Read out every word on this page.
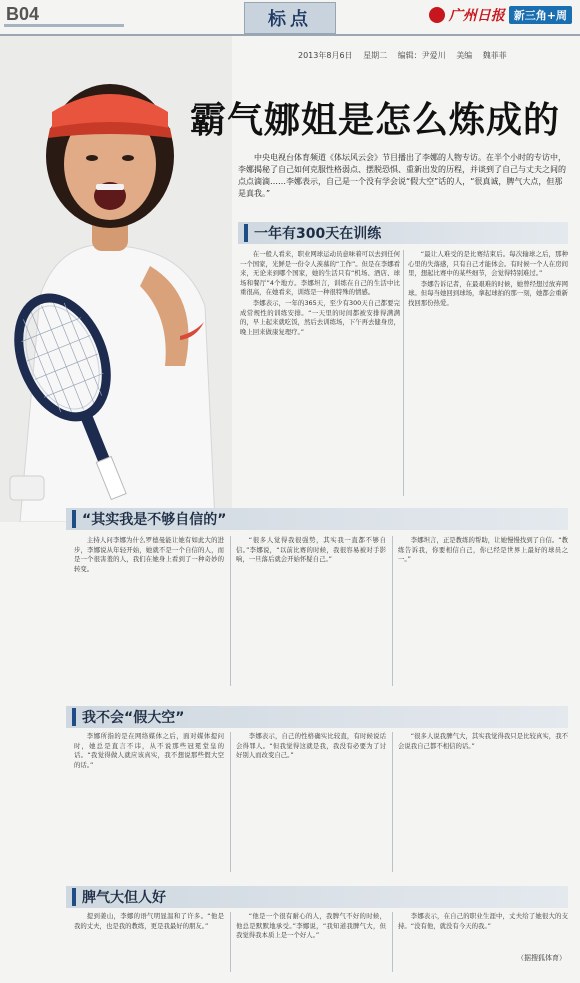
B04	标点	广州日报 新三角+周
2013年8月6日 星期二 编辑：尹爱川 美编 魏菲菲
霸气娜姐是怎么炼成的
中央电视台体育频道《体坛风云会》节目播出了李娜的人物专访。在半个小时的专访中，李娜揭秘了自己如何克服性格弱点、摆脱恐惧、重新出发的历程，并谈到了自己与丈夫之间的点点滴滴……李娜表示，自己是一个没有学会说“假大空”话的人，“很真诚，脾气大点，但那是真我。”
一年有300天在训练

在一般人看来，职业网球运动员意味着可以去到任何一个国家，光鲜是一份令人羡慕的“工作”。但是在李娜看来，无论来到哪个国家，她的生活只有“机场、酒店、球场和餐厅”4个地方。李娜坦言，训练在自己的生活中比重很高，在她看来，训练是一种很特殊的情感。

李娜表示，一年的365天，至少有300天自己都要完成常规性的训练安排。“一天里的时间都被安排得满满的，早上起来就吃饭，然后去训练场，下午再去健身房，晚上回来做康复理疗。”

“最让人难受的是比赛结束后。每次输球之后，那种心里的失落感，只有自己才能体会。有时候一个人在房间里，想起比赛中的某些细节，会觉得特别难过。”

李娜告诉记者，在最艰难的时候，她曾经想过放弃网球。但每当她回到球场，拿起球拍的那一刻，她都会重新找回那份热爱。

“其实我是不够自信的”

主持人问李娜为什么罗德曼能让她有如此大的进步，李娜说从年轻开始，她就不是一个自信的人，而是一个很害羞的人，我们在她身上看到了一种奇妙的转变。

“很多人觉得我很强势，其实我一直都不够自信。”李娜说，“以前比赛的时候，我很容易被对手影响，一旦落后就会开始怀疑自己。”

李娜坦言，正是教练的帮助，让她慢慢找到了自信。“教练告诉我，你要相信自己，你已经是世界上最好的球员之一。”

我不会“假大空”

李娜所指的是在网络媒体之后，面对媒体提问时，她总是直言不讳，从不说那些冠冕堂皇的话。“我觉得做人就应该真实，我不想说那些假大空的话。”

李娜表示，自己的性格确实比较直，有时候说话会得罪人。“但我觉得这就是我，我没有必要为了讨好别人而改变自己。”

“很多人说我脾气大，其实我觉得我只是比较真实，我不会说我自己都不相信的话。”

脾气大但人好

提到姜山，李娜的语气明显温和了许多。“他是我的丈夫，也是我的教练，更是我最好的朋友。”

“他是一个很有耐心的人，我脾气不好的时候，他总是默默地承受。”李娜说，“我知道我脾气大，但我觉得我本质上是一个好人。”

李娜表示，在自己的职业生涯中，丈夫给了她很大的支持。“没有他，就没有今天的我。”

（据搜狐体育）
